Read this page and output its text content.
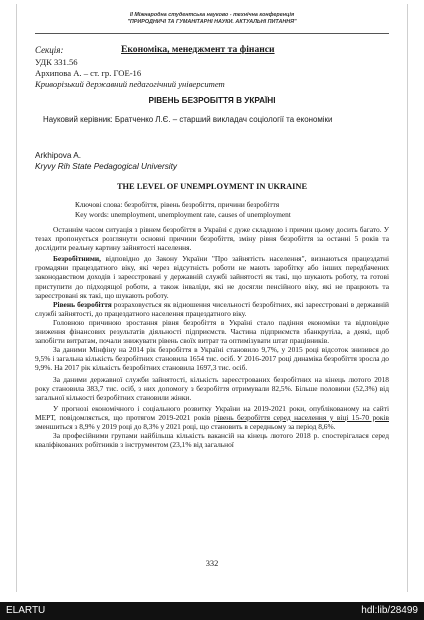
ІІ Міжнародна студентська науково - технічна конференція
"ПРИРОДНИЧІ ТА ГУМАНІТАРНІ НАУКИ. АКТУАЛЬНІ ПИТАННЯ"
Секція:	Економіка, менеджмент та фінанси
УДК 331.56
Архипова А. – ст. гр. ГОЕ-16
Криворізький державний педагогічний університет
РІВЕНЬ БЕЗРОБІТТЯ В УКРАЇНІ
Науковий керівник: Братченко Л.Є. – старший викладач соціології та економіки
Arkhipova A.
Kryvy Rih State Pedagogical University
THE LEVEL OF UNEMPLOYMENT IN UKRAINE
Ключові слова: безробіття, рівень безробіття, причини безробіття
Key words: unemployment, unemployment rate, causes of unemployment

Останнім часом ситуація з рівнем безробіття в Україні є дуже складною і причин цьому досить багато. У тезах пропонується розглянути основні причини безробіття, зміну рівня безробіття за останні 5 років та дослідити реальну картину зайнятості населення.

Безробітними, відповідно до Закону України "Про зайнятість населення", визнаються працездатні громадяни працездатного віку, які через відсутність роботи не мають заробітку або інших передбачених законодавством доходів і зареєстровані у державній службі зайнятості як такі, що шукають роботу, та готові приступити до підходящої роботи, а також інваліди, які не досягли пенсійного віку, які не працюють та зареєстровані як такі, що шукають роботу.

Рівень безробіття розраховується як відношення чисельності безробітних, які зареєстровані в державній службі зайнятості, до працездатного населення працездатного віку.

Головною причиною зростання рівня безробіття в Україні стало падіння економіки та відповідне зниження фінансових результатів діяльності підприємств. Частина підприємств збанкрутіла, а деякі, щоб запобігти витратам, почали знижувати рівень своїх витрат та оптимізувати штат працівників.

За даними Мінфіну на 2014 рік безробіття в Україні становило 9,7%, у 2015 році відсоток знизився до 9,5% і загальна кількість безробітних становила 1654 тис. осіб. У 2016-2017 році динаміка безробіття зросла до 9,9%. На 2017 рік кількість безробітних становила 1697,3 тис. осіб.

За даними державної служби зайнятості, кількість зареєстрованих безробітних на кінець лютого 2018 року становила 383,7 тис. осіб, з них допомогу з безробіття отримували 82,5%. Більше половини (52,3%) від загальної кількості безробітних становили жінки.

У прогнозі економічного і соціального розвитку України на 2019-2021 роки, опублікованому на сайті МЕРТ, повідомляється, що протягом 2019-2021 років рівень безробіття серед населення у віці 15-70 років зменшиться з 8,9% у 2019 році до 8,3% у 2021 році, що становить в середньому за період 8,6%.

За професійними групами найбільша кількість вакансій на кінець лютого 2018 р. спостерігалася серед кваліфікованих робітників з інструментом (23,1% від загальної

332
ELARTU	hdl:lib/28499
